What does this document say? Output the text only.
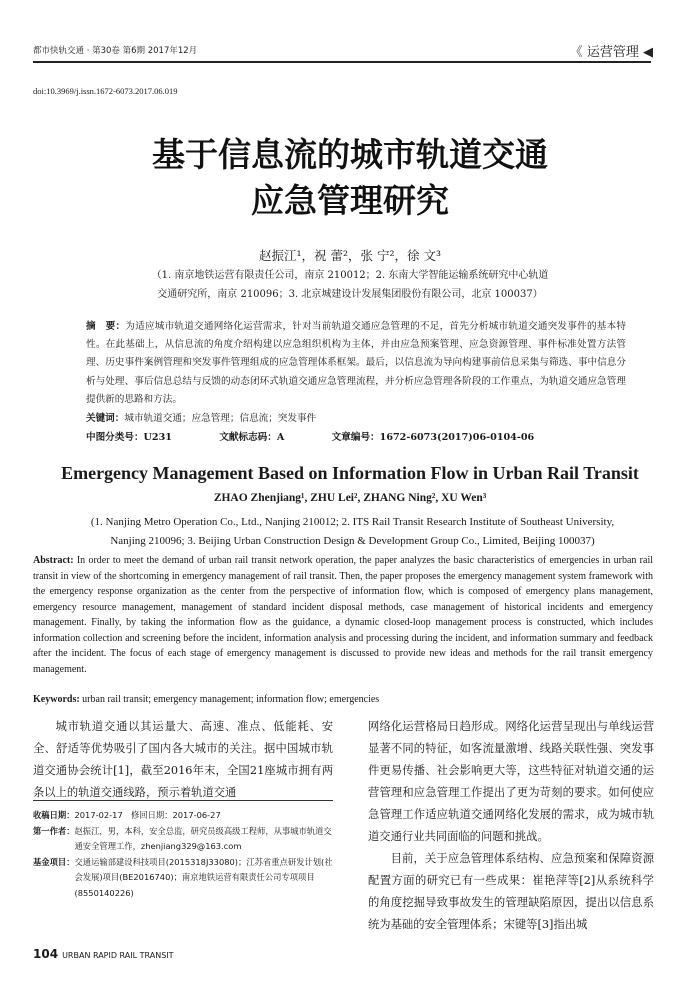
都市快轨交通 · 第30卷 第6期 2017年12月	《 运营管理 ◀
doi:10.3969/j.issn.1672-6073.2017.06.019
基于信息流的城市轨道交通
应急管理研究
赵振江¹，祝 蕾²，张 宁²，徐 文³
（1. 南京地铁运营有限责任公司，南京 210012；2. 东南大学智能运输系统研究中心轨道
交通研究所，南京 210096；3. 北京城建设计发展集团股份有限公司，北京 100037）
摘　要：为适应城市轨道交通网络化运营需求，针对当前轨道交通应急管理的不足，首先分析城市轨道交通突发事件的基本特性。在此基础上，从信息流的角度介绍构建以应急组织机构为主体，并由应急预案管理、应急资源管理、事件标准处置方法管理、历史事件案例管理和突发事件管理组成的应急管理体系框架。最后，以信息流为导向构建事前信息采集与筛选、事中信息分析与处理、事后信息总结与反馈的动态闭环式轨道交通应急管理流程，并分析应急管理各阶段的工作重点，为轨道交通应急管理提供新的思路和方法。
关键词：城市轨道交通；应急管理；信息流；突发事件
中图分类号：U231	文献标志码：A	文章编号：1672-6073(2017)06-0104-06
Emergency Management Based on Information Flow in Urban Rail Transit
ZHAO Zhenjiang¹, ZHU Lei², ZHANG Ning², XU Wen³
(1. Nanjing Metro Operation Co., Ltd., Nanjing 210012; 2. ITS Rail Transit Research Institute of Southeast University,
Nanjing 210096; 3. Beijing Urban Construction Design & Development Group Co., Limited, Beijing 100037)
Abstract: In order to meet the demand of urban rail transit network operation, the paper analyzes the basic characteristics of emergencies in urban rail transit in view of the shortcoming in emergency management of rail transit. Then, the paper proposes the emergency management system framework with the emergency response organization as the center from the perspective of information flow, which is composed of emergency plans management, emergency resource management, management of standard incident disposal methods, case management of historical incidents and emergency management. Finally, by taking the information flow as the guidance, a dynamic closed-loop management process is constructed, which includes information collection and screening before the incident, information analysis and processing during the incident, and information summary and feedback after the incident. The focus of each stage of emergency management is discussed to provide new ideas and methods for the rail transit emergency management.
Keywords: urban rail transit; emergency management; information flow; emergencies

城市轨道交通以其运量大、高速、准点、低能耗、安全、舒适等优势吸引了国内各大城市的关注。据中国城市轨道交通协会统计[1]，截至2016年末，全国21座城市拥有两条以上的轨道交通线路，预示着轨道交通

收稿日期： 2017-02-17　修回日期：2017-06-27
第一作者： 赵振江，男，本科，安全总监，研究员级高级工程师，从事城市轨道交通安全管理工作，zhenjiang329@163.com
基金项目： 交通运输部建设科技项目(2015318J33080)；江苏省重点研发计划(社会发展)项目(BE2016740)；南京地铁运营有限责任公司专项项目(8550140226)

网络化运营格局日趋形成。网络化运营呈现出与单线运营显著不同的特征，如客流量激增、线路关联性强、突发事件更易传播、社会影响更大等，这些特征对轨道交通的运营管理和应急管理工作提出了更为苛刻的要求。如何使应急管理工作适应轨道交通网络化发展的需求，成为城市轨道交通行业共同面临的问题和挑战。

目前，关于应急管理体系结构、应急预案和保障资源配置方面的研究已有一些成果：崔艳萍等[2]从系统科学的角度挖掘导致事故发生的管理缺陷原因，提出以信息系统为基础的安全管理体系；宋键等[3]指出城

104 URBAN RAPID RAIL TRANSIT
